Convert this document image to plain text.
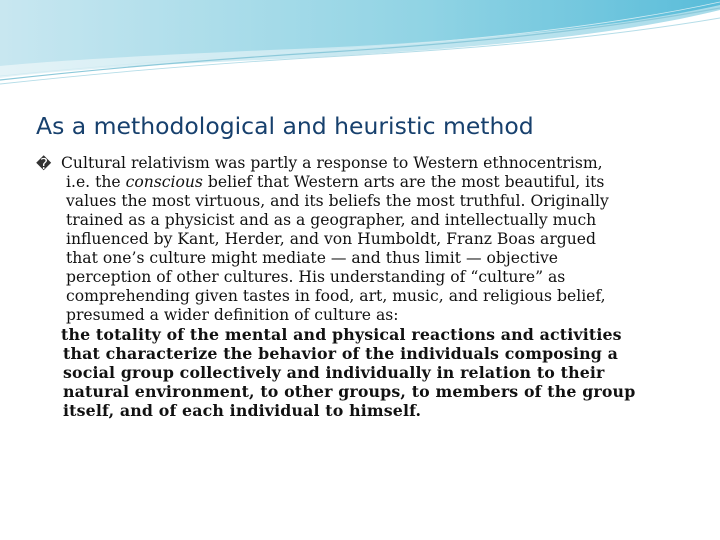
As a methodological and heuristic method
� Cultural relativism was partly a response to Western ethnocentrism,
i.e. the conscious belief that Western arts are the most beautiful, its
values the most virtuous, and its beliefs the most truthful. Originally
trained as a physicist and as a geographer, and intellectually much
influenced by Kant, Herder, and von Humboldt, Franz Boas argued
that one’s culture might mediate — and thus limit — objective
perception of other cultures. His understanding of “culture” as
comprehending given tastes in food, art, music, and religious belief,
presumed a wider definition of culture as:
the totality of the mental and physical reactions and activities
that characterize the behavior of the individuals composing a
social group collectively and individually in relation to their
natural environment, to other groups, to members of the group
itself, and of each individual to himself.
